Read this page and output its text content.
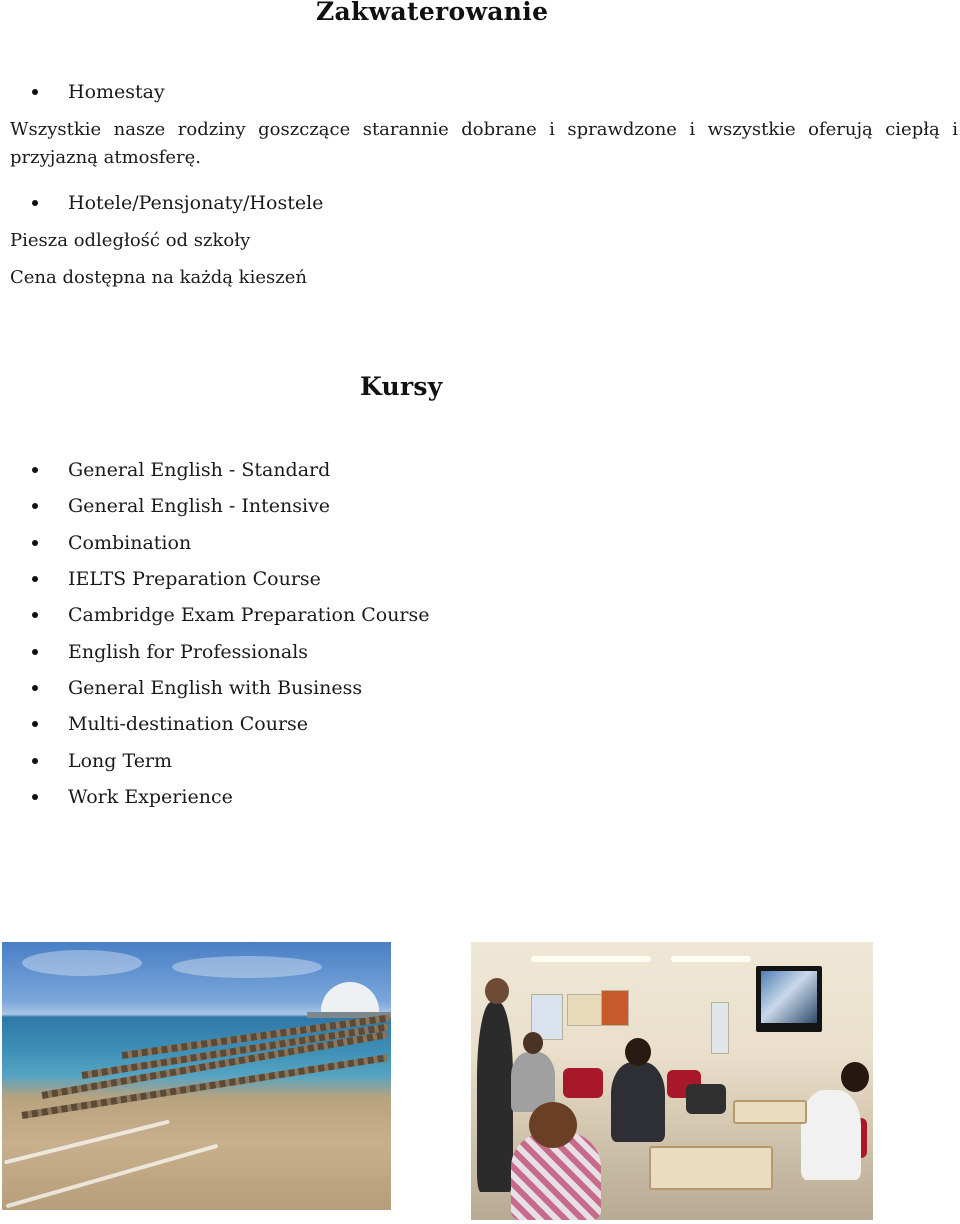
Zakwaterowanie
Homestay
Wszystkie nasze rodziny goszczące starannie dobrane i sprawdzone i wszystkie oferują ciepłą i przyjazną atmosferę.
Hotele/Pensjonaty/Hostele
Piesza odległość od szkoły
Cena dostępna na każdą kieszeń
Kursy
General English - Standard
General English - Intensive
Combination
IELTS Preparation Course
Cambridge Exam Preparation Course
English for Professionals
General English with Business
Multi-destination Course
Long Term
Work Experience
